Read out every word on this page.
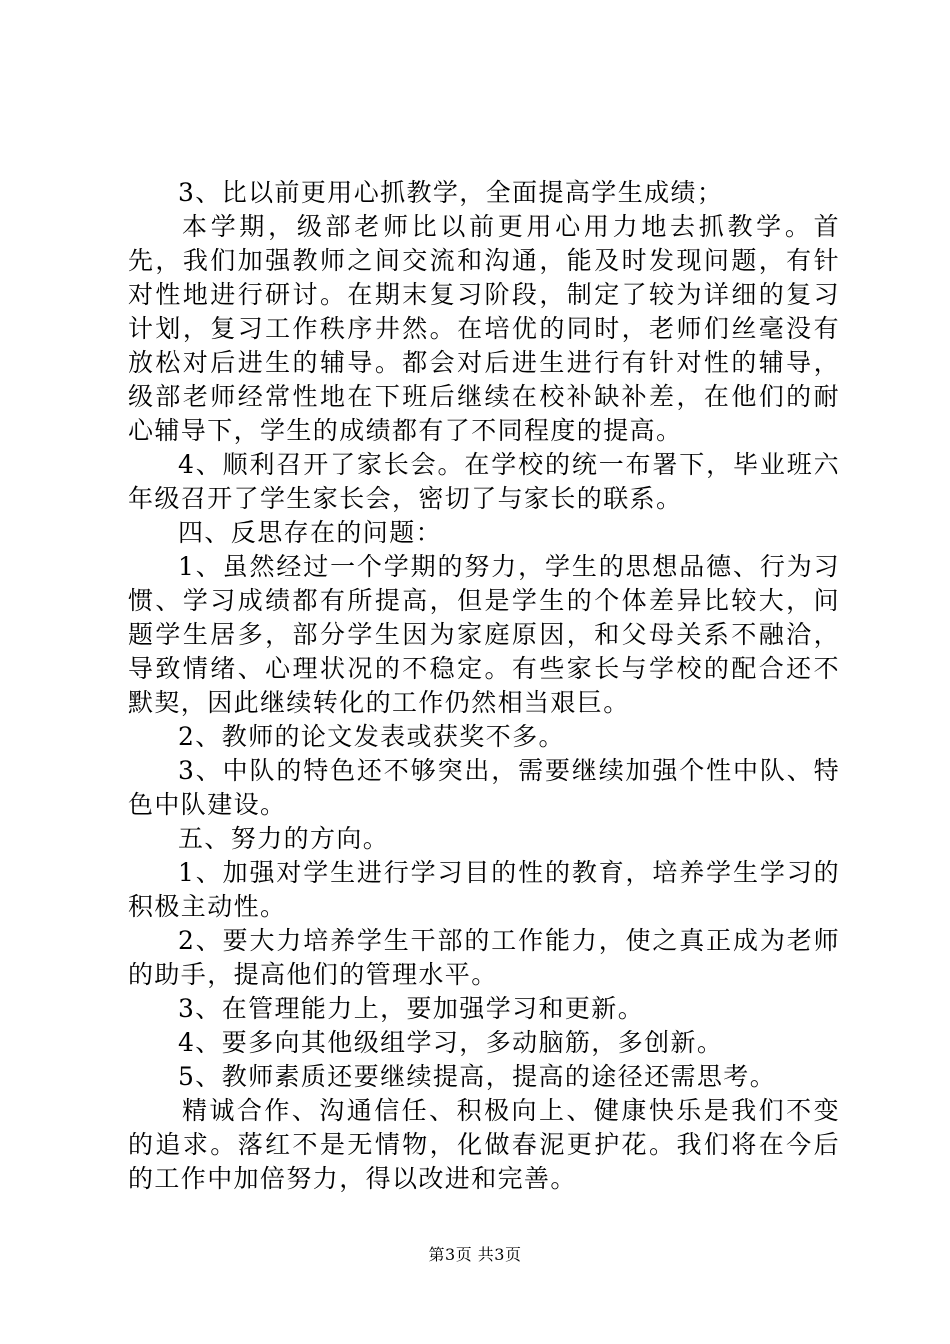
3、比以前更用心抓教学，全面提高学生成绩；

本学期，级部老师比以前更用心用力地去抓教学。首先，我们加强教师之间交流和沟通，能及时发现问题，有针对性地进行研讨。在期末复习阶段，制定了较为详细的复习计划，复习工作秩序井然。在培优的同时，老师们丝毫没有放松对后进生的辅导。都会对后进生进行有针对性的辅导，级部老师经常性地在下班后继续在校补缺补差，在他们的耐心辅导下，学生的成绩都有了不同程度的提高。

4、顺利召开了家长会。在学校的统一布署下，毕业班六年级召开了学生家长会，密切了与家长的联系。

四、反思存在的问题：

1、虽然经过一个学期的努力，学生的思想品德、行为习惯、学习成绩都有所提高，但是学生的个体差异比较大，问题学生居多，部分学生因为家庭原因，和父母关系不融洽，导致情绪、心理状况的不稳定。有些家长与学校的配合还不默契，因此继续转化的工作仍然相当艰巨。

2、教师的论文发表或获奖不多。

3、中队的特色还不够突出，需要继续加强个性中队、特色中队建设。

五、努力的方向。

1、加强对学生进行学习目的性的教育，培养学生学习的积极主动性。

2、要大力培养学生干部的工作能力，使之真正成为老师的助手，提高他们的管理水平。

3、在管理能力上，要加强学习和更新。

4、要多向其他级组学习，多动脑筋，多创新。

5、教师素质还要继续提高，提高的途径还需思考。

精诚合作、沟通信任、积极向上、健康快乐是我们不变的追求。落红不是无情物，化做春泥更护花。我们将在今后的工作中加倍努力，得以改进和完善。

第3页 共3页
